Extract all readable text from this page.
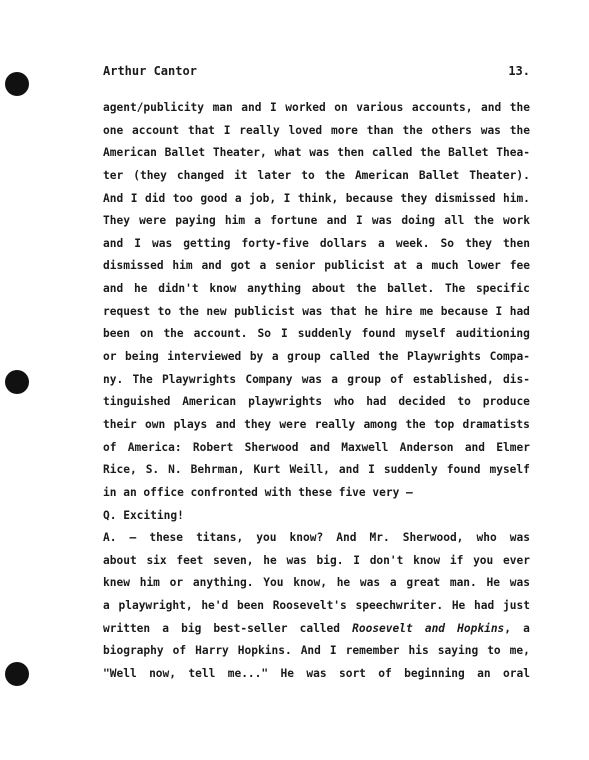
Arthur Cantor	13.
agent/publicity man and I worked on various accounts, and the
one account that I really loved more than the others was the
American Ballet Theater, what was then called the Ballet Thea-
ter (they changed it later to the American Ballet Theater).
And I did too good a job, I think, because they dismissed him.
They were paying him a fortune and I was doing all the work
and I was getting forty-five dollars a week. So they then
dismissed him and got a senior publicist at a much lower fee
and he didn't know anything about the ballet. The specific
request to the new publicist was that he hire me because I had
been on the account. So I suddenly found myself auditioning
or being interviewed by a group called the Playwrights Compa-
ny. The Playwrights Company was a group of established, dis-
tinguished American playwrights who had decided to produce
their own plays and they were really among the top dramatists
of America: Robert Sherwood and Maxwell Anderson and Elmer
Rice, S. N. Behrman, Kurt Weill, and I suddenly found myself
in an office confronted with these five very —
Q. Exciting!
A. — these titans, you know? And Mr. Sherwood, who was
about six feet seven, he was big. I don't know if you ever
knew him or anything. You know, he was a great man. He was
a playwright, he'd been Roosevelt's speechwriter. He had just
written a big best-seller called Roosevelt and Hopkins, a
biography of Harry Hopkins. And I remember his saying to me,
"Well now, tell me..." He was sort of beginning an oral
